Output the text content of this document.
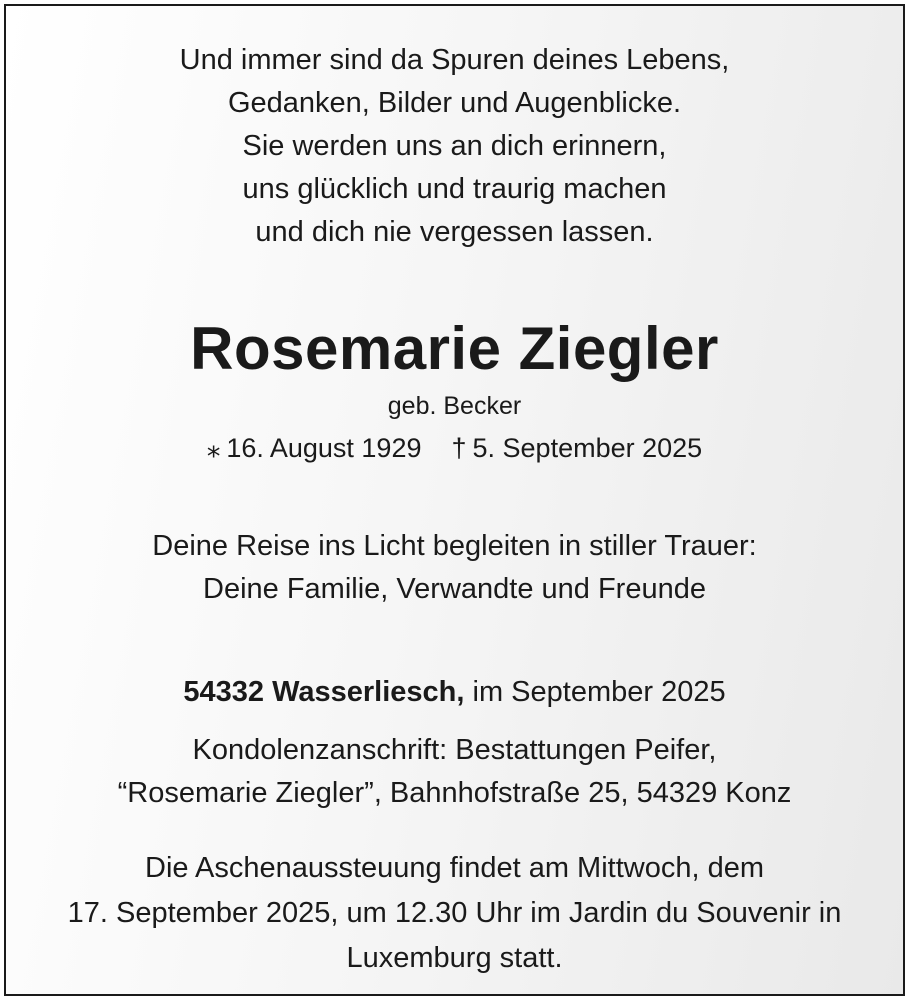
Und immer sind da Spuren deines Lebens,
Gedanken, Bilder und Augenblicke.
Sie werden uns an dich erinnern,
uns glücklich und traurig machen
und dich nie vergessen lassen.
Rosemarie Ziegler
geb. Becker
⁎ 16. August 1929 † 5. September 2025
Deine Reise ins Licht begleiten in stiller Trauer:
Deine Familie, Verwandte und Freunde
54332 Wasserliesch, im September 2025
Kondolenzanschrift: Bestattungen Peifer,
“Rosemarie Ziegler”, Bahnhofstraße 25, 54329 Konz
Die Aschenaussteuung findet am Mittwoch, dem
17. September 2025, um 12.30 Uhr im Jardin du Souvenir in
Luxemburg statt.
